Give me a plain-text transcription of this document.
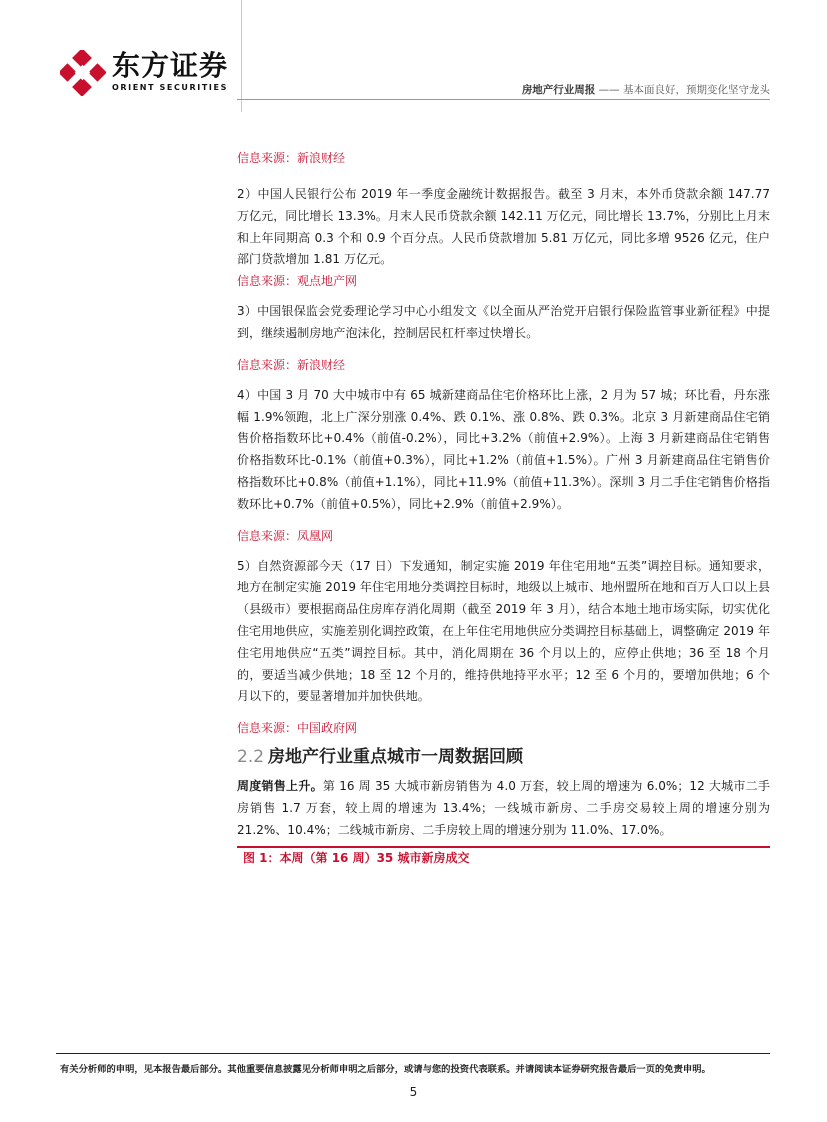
东方证券
ORIENT SECURITIES	房地产行业周报 —— 基本面良好，预期变化坚守龙头

信息来源：新浪财经

2）中国人民银行公布 2019 年一季度金融统计数据报告。截至 3 月末，本外币贷款余额 147.77 万亿元，同比增长 13.3%。月末人民币贷款余额 142.11 万亿元，同比增长 13.7%，分别比上月末和上年同期高 0.3 个和 0.9 个百分点。人民币贷款增加 5.81 万亿元，同比多增 9526 亿元，住户部门贷款增加 1.81 万亿元。

信息来源：观点地产网

3）中国银保监会党委理论学习中心小组发文《以全面从严治党开启银行保险监管事业新征程》中提到，继续遏制房地产泡沫化，控制居民杠杆率过快增长。

信息来源：新浪财经

4）中国 3 月 70 大中城市中有 65 城新建商品住宅价格环比上涨，2 月为 57 城；环比看，丹东涨幅 1.9%领跑，北上广深分别涨 0.4%、跌 0.1%、涨 0.8%、跌 0.3%。北京 3 月新建商品住宅销售价格指数环比+0.4%（前值-0.2%），同比+3.2%（前值+2.9%）。上海 3 月新建商品住宅销售价格指数环比-0.1%（前值+0.3%），同比+1.2%（前值+1.5%）。广州 3 月新建商品住宅销售价格指数环比+0.8%（前值+1.1%），同比+11.9%（前值+11.3%）。深圳 3 月二手住宅销售价格指数环比+0.7%（前值+0.5%），同比+2.9%（前值+2.9%）。

信息来源：凤凰网

5）自然资源部今天（17 日）下发通知，制定实施 2019 年住宅用地“五类”调控目标。通知要求，地方在制定实施 2019 年住宅用地分类调控目标时，地级以上城市、地州盟所在地和百万人口以上县（县级市）要根据商品住房库存消化周期（截至 2019 年 3 月），结合本地土地市场实际，切实优化住宅用地供应，实施差别化调控政策，在上年住宅用地供应分类调控目标基础上，调整确定 2019 年住宅用地供应“五类”调控目标。其中，消化周期在 36 个月以上的，应停止供地；36 至 18 个月的，要适当减少供地；18 至 12 个月的，维持供地持平水平；12 至 6 个月的，要增加供地；6 个月以下的，要显著增加并加快供地。

信息来源：中国政府网

2.2 房地产行业重点城市一周数据回顾
周度销售上升。第 16 周 35 大城市新房销售为 4.0 万套，较上周的增速为 6.0%；12 大城市二手房销售 1.7 万套，较上周的增速为 13.4%；一线城市新房、二手房交易较上周的增速分别为 21.2%、10.4%；二线城市新房、二手房较上周的增速分别为 11.0%、17.0%。
图 1：本周（第 16 周）35 城市新房成交
有关分析师的申明，见本报告最后部分。其他重要信息披露见分析师申明之后部分，或请与您的投资代表联系。并请阅读本证券研究报告最后一页的免责申明。
5
